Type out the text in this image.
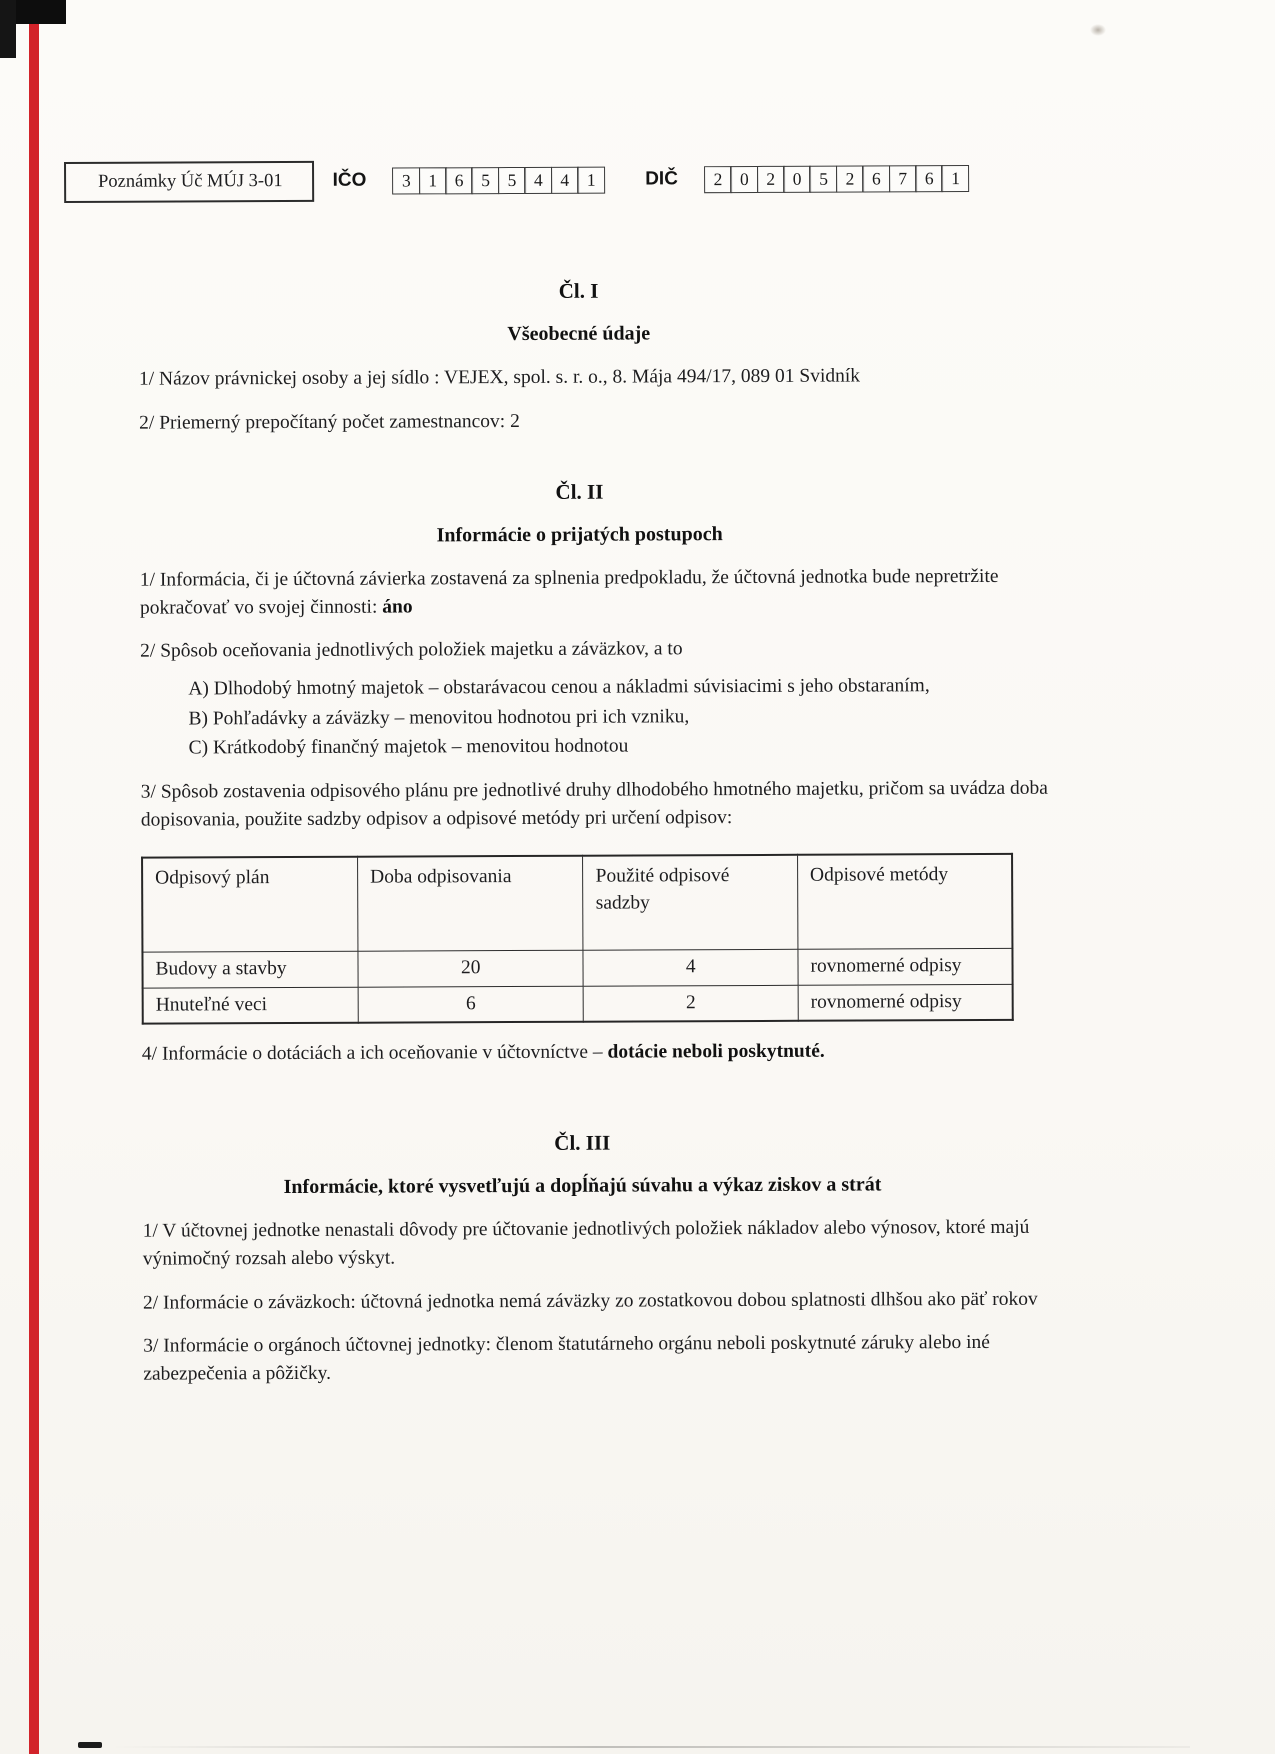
Poznámky Úč MÚJ 3-01	IČO	3	1	6	5	5	4	4	1	DIČ	2	0	2	0	5	2	6	7	6	1
Čl. I
Všeobecné údaje

1/ Názov právnickej osoby a jej sídlo : VEJEX, spol. s. r. o., 8. Mája 494/17, 089 01 Svidník

2/ Priemerný prepočítaný počet zamestnancov: 2

Čl. II
Informácie o prijatých postupoch

1/ Informácia, či je účtovná závierka zostavená za splnenia predpokladu, že účtovná jednotka bude nepretržite pokračovať vo svojej činnosti: áno

2/ Spôsob oceňovania jednotlivých položiek majetku a záväzkov, a to

A) Dlhodobý hmotný majetok – obstarávacou cenou a nákladmi súvisiacimi s jeho obstaraním,
B) Pohľadávky a záväzky – menovitou hodnotou pri ich vzniku,
C) Krátkodobý finančný majetok – menovitou hodnotou

3/ Spôsob zostavenia odpisového plánu pre jednotlivé druhy dlhodobého hmotného majetku, pričom sa uvádza doba dopisovania, použite sadzby odpisov a odpisové metódy pri určení odpisov:

Odpisový plán	Doba odpisovania	Použité odpisové sadzby	Odpisové metódy
Budovy a stavby	20	4	rovnomerné odpisy
Hnuteľné veci	6	2	rovnomerné odpisy

4/ Informácie o dotáciách a ich oceňovanie v účtovníctve – dotácie neboli poskytnuté.

Čl. III
Informácie, ktoré vysvetľujú a dopĺňajú súvahu a výkaz ziskov a strát

1/ V účtovnej jednotke nenastali dôvody pre účtovanie jednotlivých položiek nákladov alebo výnosov, ktoré majú výnimočný rozsah alebo výskyt.

2/ Informácie o záväzkoch: účtovná jednotka nemá záväzky zo zostatkovou dobou splatnosti dlhšou ako päť rokov

3/ Informácie o orgánoch účtovnej jednotky: členom štatutárneho orgánu neboli poskytnuté záruky alebo iné zabezpečenia a pôžičky.
